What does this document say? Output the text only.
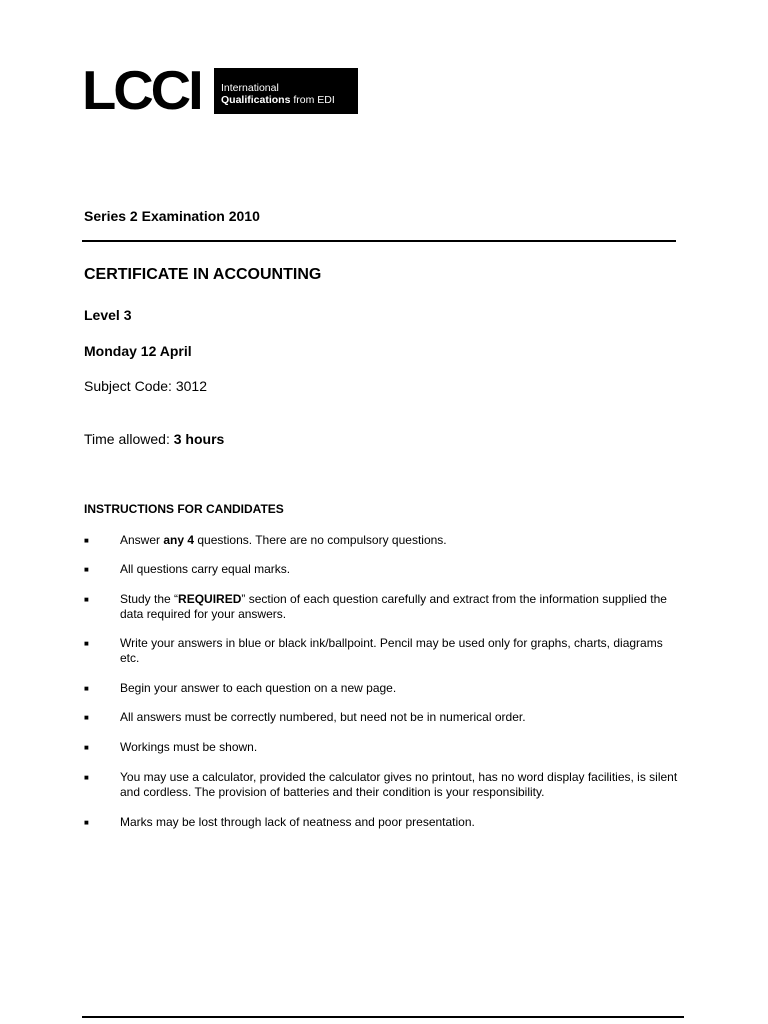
LCCI International
Qualifications from EDI
Series 2 Examination 2010
CERTIFICATE IN ACCOUNTING
Level 3
Monday 12 April
Subject Code: 3012
Time allowed: 3 hours
INSTRUCTIONS FOR CANDIDATES
■	Answer any 4 questions. There are no compulsory questions.
■	All questions carry equal marks.
■	Study the “REQUIRED” section of each question carefully and extract from the information supplied the data required for your answers.
■	Write your answers in blue or black ink/ballpoint. Pencil may be used only for graphs, charts, diagrams etc.
■	Begin your answer to each question on a new page.
■	All answers must be correctly numbered, but need not be in numerical order.
■	Workings must be shown.
■	You may use a calculator, provided the calculator gives no printout, has no word display facilities, is silent and cordless. The provision of batteries and their condition is your responsibility.
■	Marks may be lost through lack of neatness and poor presentation.
